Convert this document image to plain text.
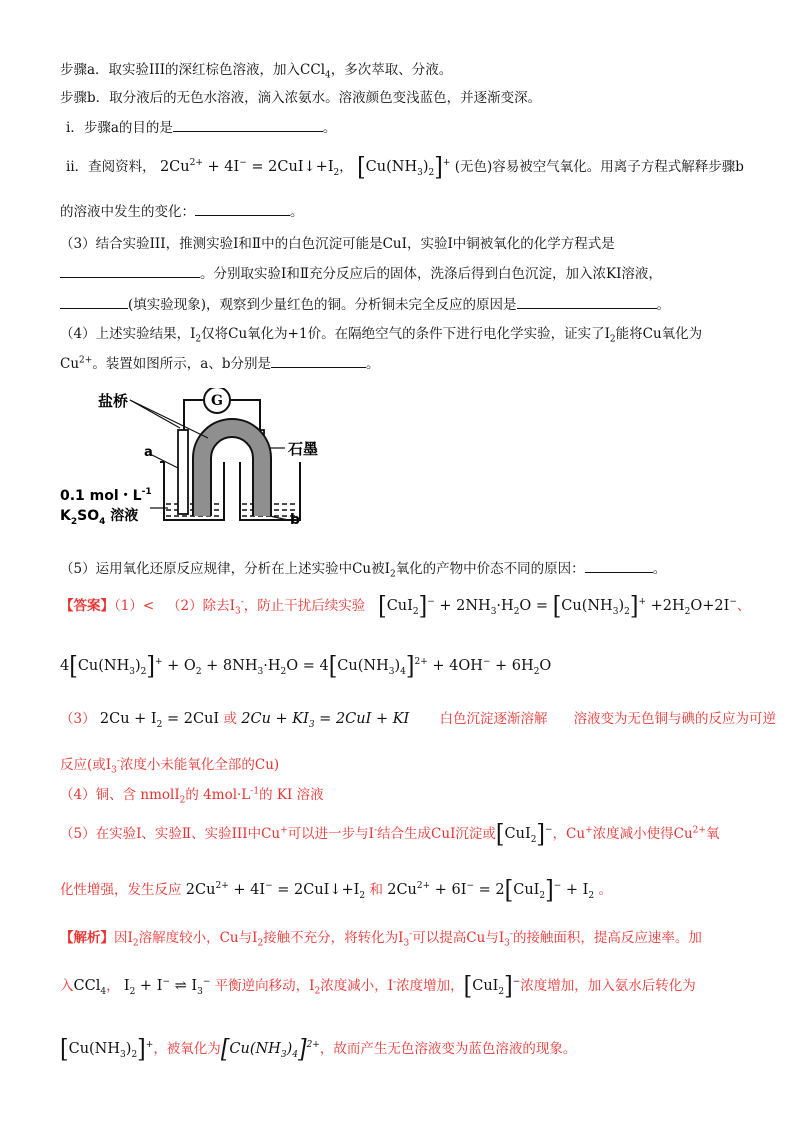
步骤a．取实验III的深红棕色溶液，加入CCl$_4$，多次萃取、分液。
步骤b．取分液后的无色水溶液，滴入浓氨水。溶液颜色变浅蓝色，并逐渐变深。
ⅰ．步骤a的目的是	。
ⅱ．查阅资料， $2Cu^{2+} + 4I^-$ = $2CuI↓+I_2$， $[Cu(NH_3)_2]^+$ (无色)容易被空气氧化。用离子方程式解释步骤b
的溶液中发生的变化：	。
（3）结合实验III，推测实验Ⅰ和Ⅱ中的白色沉淀可能是CuI，实验Ⅰ中铜被氧化的化学方程式是
。分别取实验Ⅰ和Ⅱ充分反应后的固体，洗涤后得到白色沉淀，加入浓KI溶液，
(填实验现象)，观察到少量红色的铜。分析铜未完全反应的原因是	。
（4）上述实验结果，$I_2$仅将Cu氧化为+1价。在隔绝空气的条件下进行电化学实验，证实了$I_2$能将Cu氧化为
$Cu^{2+}$。装置如图所示，a、b分别是	。
G
盐桥
a	石墨
b
0.1 mol・$L^{-1}$
$K_2SO_4$ 溶液
（5）运用氧化还原反应规律，分析在上述实验中Cu被$I_2$氧化的产物中价态不同的原因：	。
【答案】（1）< （2）除去$I_3^-$，防止干扰后续实验 $[CuI_2]^- + 2NH_3\cdot H_2O = [Cu(NH_3)_2]^+ +2H_2O+2I^-$、
$4[Cu(NH_3)_2]^+ + O_2 + 8NH_3\cdot H_2O = 4[Cu(NH_3)_4]^{2+} + 4OH^- + 6H_2O$
（3） $2Cu + I_2 = 2CuI$ 或 $2Cu + KI_3 = 2CuI$ + KI 白色沉淀逐渐溶解 溶液变为无色铜与碘的反应为可逆
反应(或$I_3^-$浓度小未能氧化全部的Cu)
（4）铜、含 nmolI$_2$的 $4mol\cdot L^{-1}$的 KI 溶液
（5）在实验Ⅰ、实验Ⅱ、实验III中Cu+可以进一步与I-结合生成CuI沉淀或[CuI$_2$]−，Cu+浓度减小使得$Cu^{2+}$氧
化性增强，发生反应 $2Cu^{2+} + 4I^-$ = $2CuI↓+I_2$ 和 $2Cu^{2+} + 6I^- = 2[CuI_2]^- + I_2$ 。
【解析】因$I_2$溶解度较小，Cu与$I_2$接触不充分，将转化为$I_3^-$可以提高Cu与$I_3^-$的接触面积，提高反应速率。加
入CCl$_4$， $I_2 + I^-$ ⇌ $I_3^-$ 平衡逆向移动，$I_2$浓度减小，I-浓度增加，[CuI$_2$]−浓度增加，加入氨水后转化为
$[Cu(NH_3)_2]^+$，被氧化为$[Cu(NH_3)_4]^{2+}$，故而产生无色溶液变为蓝色溶液的现象。
